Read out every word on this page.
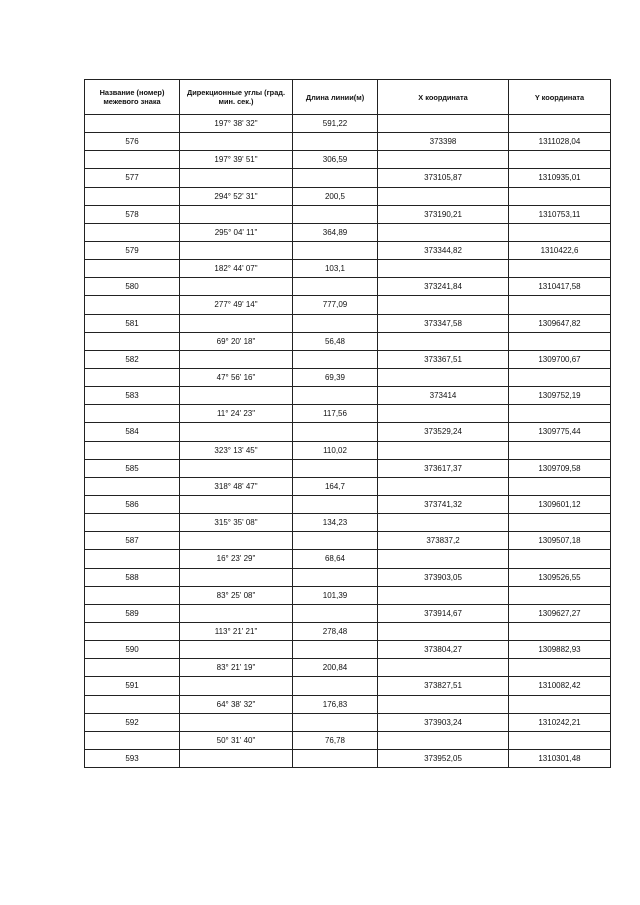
Название (номер) межевого знака	Дирекционные углы (град. мин. сек.)	Длина линии(м)	X координата	Y координата
	197° 38' 32"	591,22		
576			373398	1311028,04
	197° 39' 51"	306,59		
577			373105,87	1310935,01
	294° 52' 31"	200,5		
578			373190,21	1310753,11
	295° 04' 11"	364,89		
579			373344,82	1310422,6
	182° 44' 07"	103,1		
580			373241,84	1310417,58
	277° 49' 14"	777,09		
581			373347,58	1309647,82
	69° 20' 18"	56,48		
582			373367,51	1309700,67
	47° 56' 16"	69,39		
583			373414	1309752,19
	11° 24' 23"	117,56		
584			373529,24	1309775,44
	323° 13' 45"	110,02		
585			373617,37	1309709,58
	318° 48' 47"	164,7		
586			373741,32	1309601,12
	315° 35' 08"	134,23		
587			373837,2	1309507,18
	16° 23' 29"	68,64		
588			373903,05	1309526,55
	83° 25' 08"	101,39		
589			373914,67	1309627,27
	113° 21' 21"	278,48		
590			373804,27	1309882,93
	83° 21' 19"	200,84		
591			373827,51	1310082,42
	64° 38' 32"	176,83		
592			373903,24	1310242,21
	50° 31' 40"	76,78		
593			373952,05	1310301,48
